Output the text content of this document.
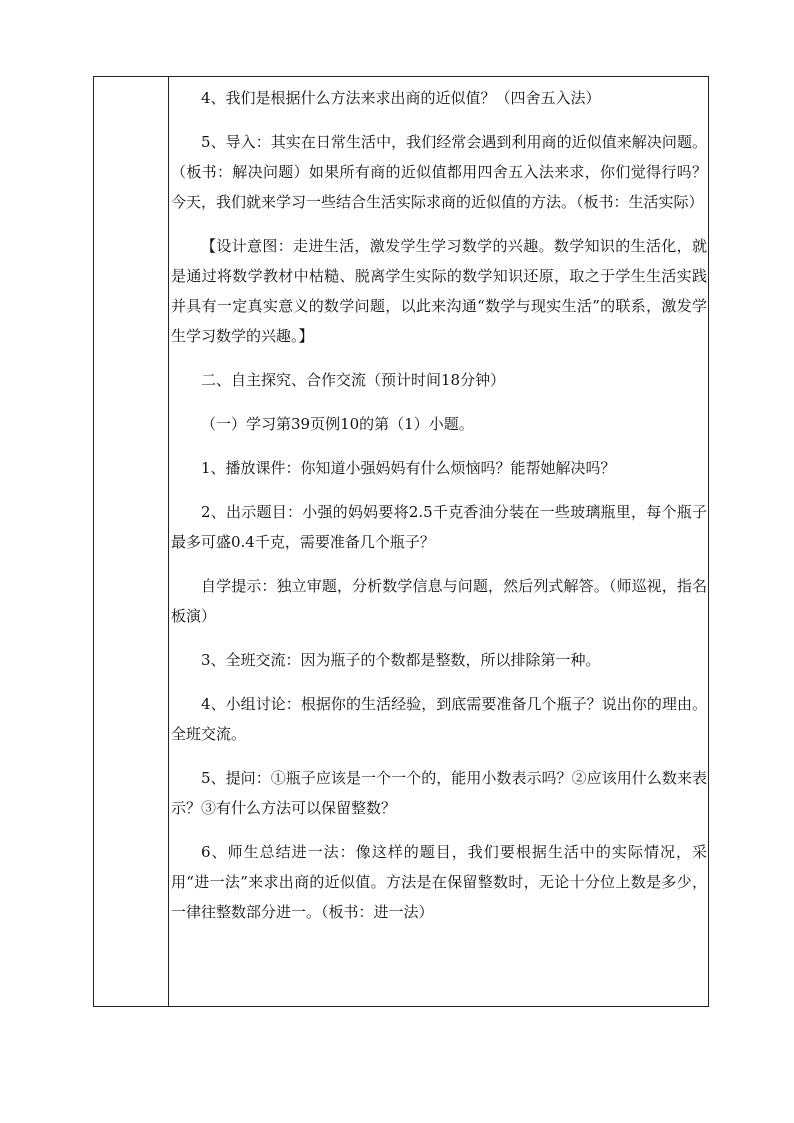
4、我们是根据什么方法来求出商的近似值？（四舍五入法）

5、导入：其实在日常生活中，我们经常会遇到利用商的近似值来解决问题。（板书：解决问题）如果所有商的近似值都用四舍五入法来求，你们觉得行吗？今天，我们就来学习一些结合生活实际求商的近似值的方法。（板书：生活实际）

【设计意图：走进生活，激发学生学习数学的兴趣。数学知识的生活化，就是通过将数学教材中枯糙、脱离学生实际的数学知识还原，取之于学生生活实践并具有一定真实意义的数学问题，以此来沟通“数学与现实生活”的联系，激发学生学习数学的兴趣。】

二、自主探究、合作交流（预计时间18分钟）

（一）学习第39页例10的第（1）小题。

1、播放课件：你知道小强妈妈有什么烦恼吗？能帮她解决吗？

2、出示题目：小强的妈妈要将2.5千克香油分装在一些玻璃瓶里，每个瓶子最多可盛0.4千克，需要准备几个瓶子？

自学提示：独立审题，分析数学信息与问题，然后列式解答。（师巡视，指名板演）

3、全班交流：因为瓶子的个数都是整数，所以排除第一种。

4、小组讨论：根据你的生活经验，到底需要准备几个瓶子？说出你的理由。全班交流。

5、提问：①瓶子应该是一个一个的，能用小数表示吗？②应该用什么数来表示？③有什么方法可以保留整数？

6、师生总结进一法：像这样的题目，我们要根据生活中的实际情况，采用“进一法”来求出商的近似值。方法是在保留整数时，无论十分位上数是多少，一律往整数部分进一。（板书：进一法）
